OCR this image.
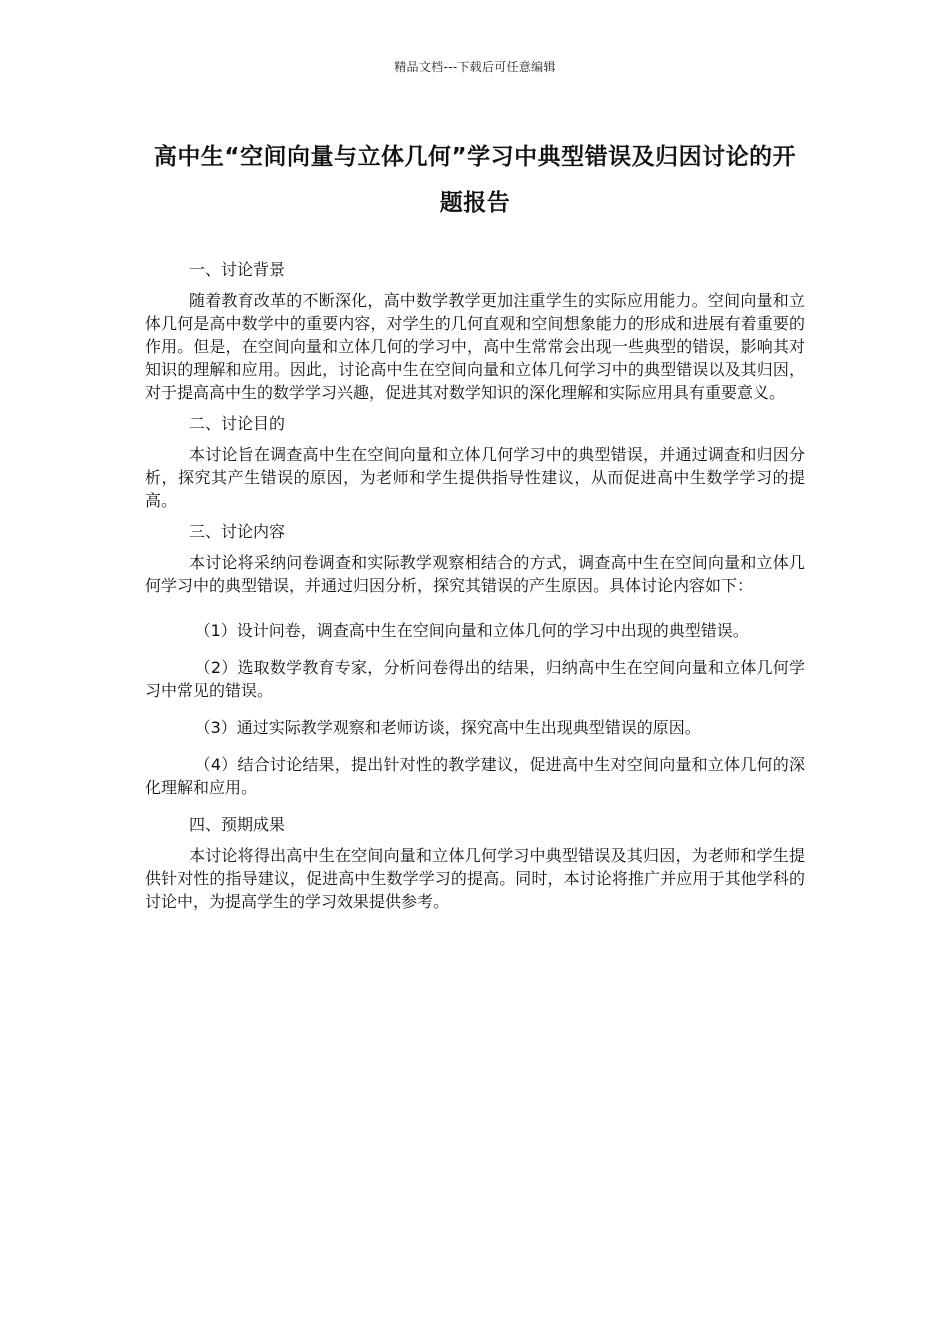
精品文档---下载后可任意编辑
高中生“空间向量与立体几何”学习中典型错误及归因讨论的开题报告

一、讨论背景

随着教育改革的不断深化，高中数学教学更加注重学生的实际应用能力。空间向量和立体几何是高中数学中的重要内容，对学生的几何直观和空间想象能力的形成和进展有着重要的作用。但是，在空间向量和立体几何的学习中，高中生常常会出现一些典型的错误，影响其对知识的理解和应用。因此，讨论高中生在空间向量和立体几何学习中的典型错误以及其归因，对于提高高中生的数学学习兴趣，促进其对数学知识的深化理解和实际应用具有重要意义。

二、讨论目的

本讨论旨在调查高中生在空间向量和立体几何学习中的典型错误，并通过调查和归因分析，探究其产生错误的原因，为老师和学生提供指导性建议，从而促进高中生数学学习的提高。

三、讨论内容

本讨论将采纳问卷调查和实际教学观察相结合的方式，调查高中生在空间向量和立体几何学习中的典型错误，并通过归因分析，探究其错误的产生原因。具体讨论内容如下：

（1）设计问卷，调查高中生在空间向量和立体几何的学习中出现的典型错误。

（2）选取数学教育专家，分析问卷得出的结果，归纳高中生在空间向量和立体几何学习中常见的错误。

（3）通过实际教学观察和老师访谈，探究高中生出现典型错误的原因。

（4）结合讨论结果，提出针对性的教学建议，促进高中生对空间向量和立体几何的深化理解和应用。

四、预期成果

本讨论将得出高中生在空间向量和立体几何学习中典型错误及其归因，为老师和学生提供针对性的指导建议，促进高中生数学学习的提高。同时，本讨论将推广并应用于其他学科的讨论中，为提高学生的学习效果提供参考。
